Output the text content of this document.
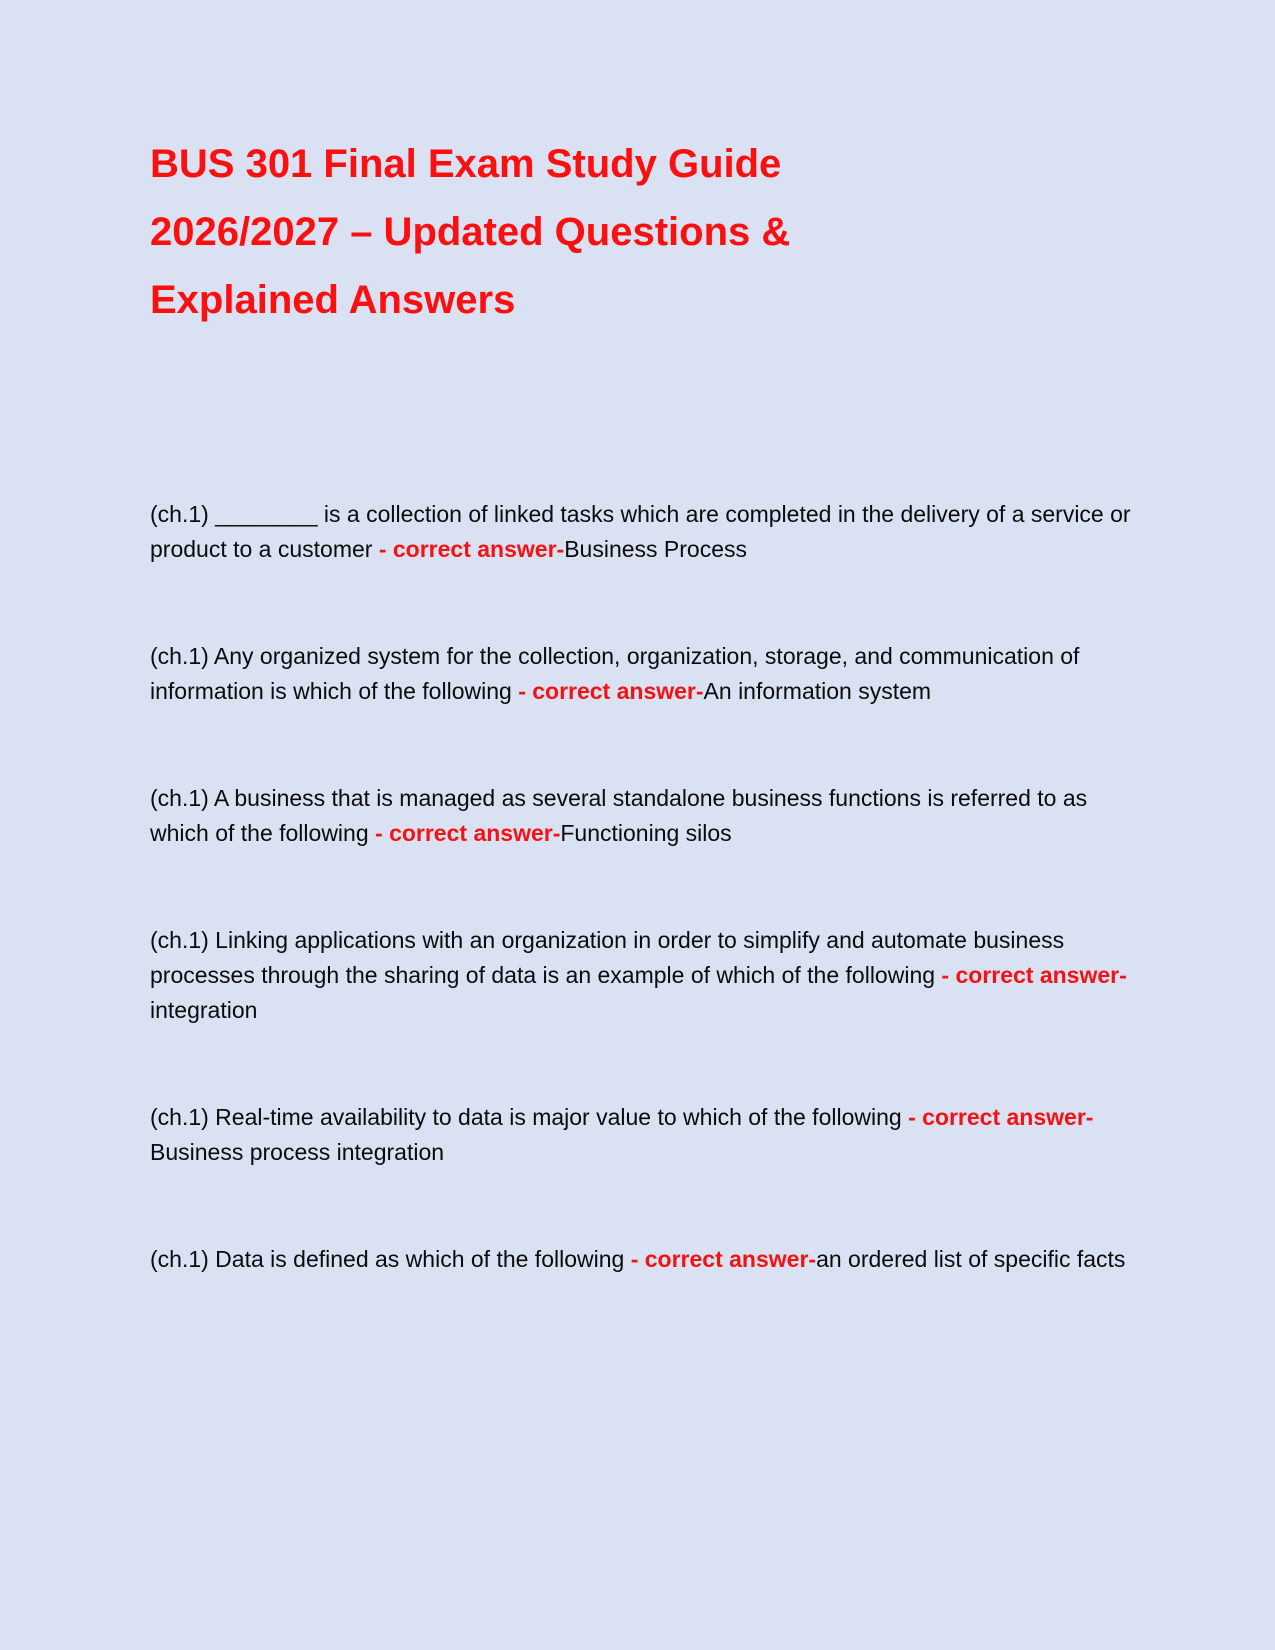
BUS 301 Final Exam Study Guide
2026/2027 – Updated Questions &
Explained Answers

(ch.1) ________ is a collection of linked tasks which are completed in the delivery of a service or product to a customer - correct answer-Business Process

(ch.1) Any organized system for the collection, organization, storage, and communication of information is which of the following - correct answer-An information system

(ch.1) A business that is managed as several standalone business functions is referred to as which of the following - correct answer-Functioning silos

(ch.1) Linking applications with an organization in order to simplify and automate business processes through the sharing of data is an example of which of the following - correct answer-integration

(ch.1) Real-time availability to data is major value to which of the following - correct answer-Business process integration

(ch.1) Data is defined as which of the following - correct answer-an ordered list of specific facts
